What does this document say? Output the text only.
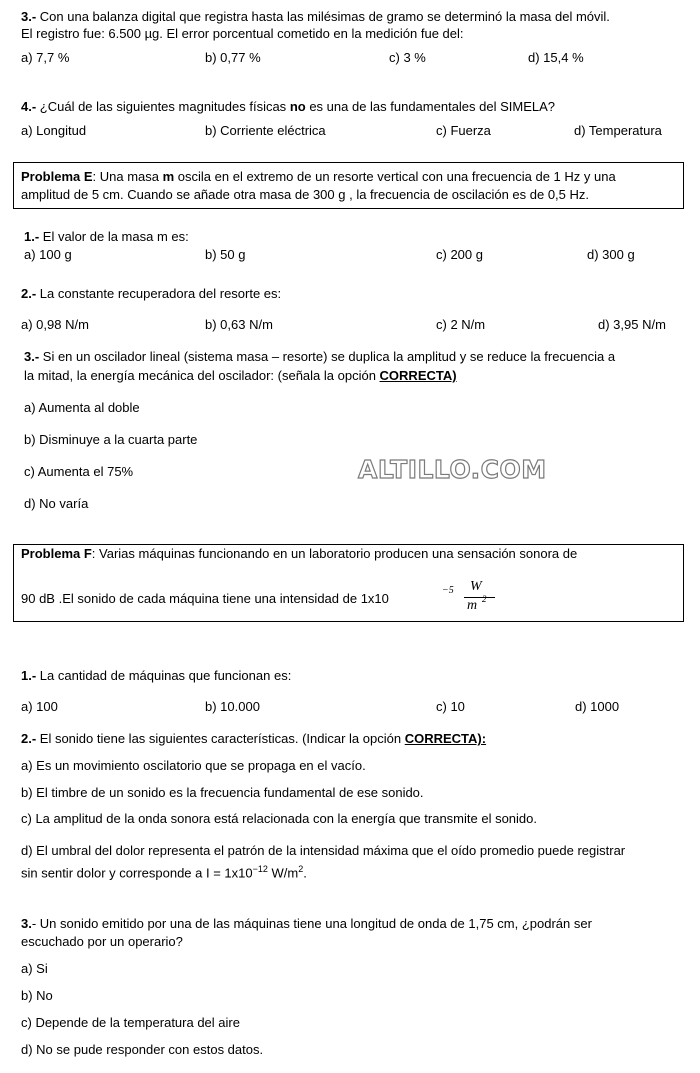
3.- Con una balanza digital que registra hasta las milésimas de gramo se determinó la masa del móvil.
El registro fue: 6.500 µg. El error porcentual cometido en la medición fue del:
a) 7,7 %	b) 0,77 %	c) 3 %	d) 15,4 %
4.- ¿Cuál de las siguientes magnitudes físicas no es una de las fundamentales del SIMELA?
a) Longitud	b) Corriente eléctrica	c) Fuerza	d) Temperatura
Problema E: Una masa m oscila en el extremo de un resorte vertical con una frecuencia de 1 Hz y una
amplitud de 5 cm. Cuando se añade otra masa de 300 g , la frecuencia de oscilación es de 0,5 Hz.
1.- El valor de la masa m es:
a) 100 g	b) 50 g	c) 200 g	d) 300 g
2.- La constante recuperadora del resorte es:
a) 0,98 N/m	b) 0,63 N/m	c) 2 N/m	d) 3,95 N/m
3.- Si en un oscilador lineal (sistema masa – resorte) se duplica la amplitud y se reduce la frecuencia a
la mitad, la energía mecánica del oscilador: (señala la opción CORRECTA)
a) Aumenta al doble
b) Disminuye a la cuarta parte
c) Aumenta el 75%
d) No varía
ALTILLO.COM
Problema F: Varias máquinas funcionando en un laboratorio producen una sensación sonora de
90 dB .El sonido de cada máquina tiene una intensidad de 1x10
−5 W
m 2
1.- La cantidad de máquinas que funcionan es:
a) 100	b) 10.000	c) 10	d) 1000
2.- El sonido tiene las siguientes características. (Indicar la opción CORRECTA):
a) Es un movimiento oscilatorio que se propaga en el vacío.
b) El timbre de un sonido es la frecuencia fundamental de ese sonido.
c) La amplitud de la onda sonora está relacionada con la energía que transmite el sonido.
d) El umbral del dolor representa el patrón de la intensidad máxima que el oído promedio puede registrar
sin sentir dolor y corresponde a $I = 1x10^{-12}$ $W/m^2$.
3.- Un sonido emitido por una de las máquinas tiene una longitud de onda de 1,75 cm, ¿podrán ser
escuchado por un operario?
a) Si
b) No
c) Depende de la temperatura del aire
d) No se pude responder con estos datos.
